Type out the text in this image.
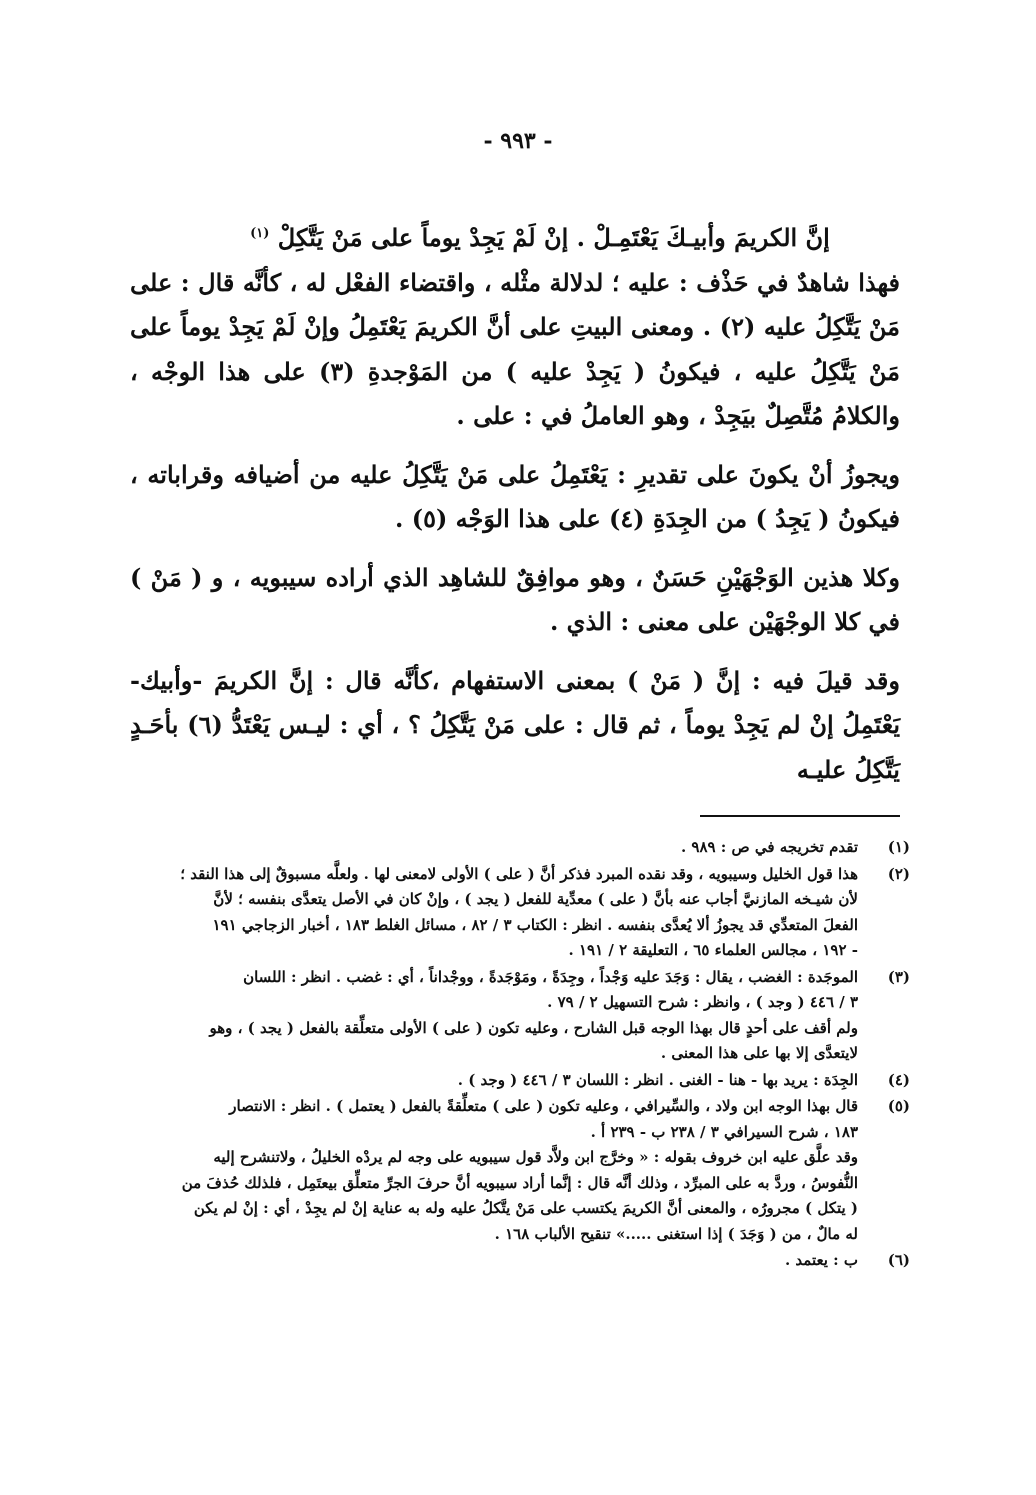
- ٩٩٣ -

إنَّ الكريمَ وأبيـكَ يَعْتَمِـلْ . إنْ لَمْ يَجِدْ يوماً على مَنْ يَتَّكِلْ $^{(١)}$

فهذا شاهدٌ في حَذْف : عليه ؛ لدلالة مثْله ، واقتضاء الفعْل له ، كأنَّه قال : على مَنْ يَتَّكِلُ عليه (٢) . ومعنى البيتِ على أنَّ الكريمَ يَعْتَمِلُ وإنْ لَمْ يَجِدْ يوماً على مَنْ يَتَّكِلُ عليه ، فيكونُ ( يَجِدْ عليه ) من المَوْجدةِ (٣) على هذا الوجْه ، والكلامُ مُتَّصِلٌ بيَجِدْ ، وهو العاملُ في : على .

ويجوزُ أنْ يكونَ على تقديرِ : يَعْتَمِلُ على مَنْ يَتَّكِلُ عليه من أضيافه وقراباته ، فيكونُ ( يَجِدُ ) من الجِدَةِ (٤) على هذا الوَجْه (٥) .

وكلا هذين الوَجْهَيْنِ حَسَنٌ ، وهو موافِقٌ للشاهِد الذي أراده سيبويه ، و ( مَنْ ) في كلا الوجْهَيْن على معنى : الذي .

وقد قيلَ فيه : إنَّ ( مَنْ ) بمعنى الاستفهام ،كأنَّه قال : إنَّ الكريمَ -وأبيك- يَعْتَمِلُ إنْ لم يَجِدْ يوماً ، ثم قال : على مَنْ يَتَّكِلُ ؟ ، أي : ليـس يَعْتَدُّ (٦) بأحَـدٍ يَتَّكِلُ عليـه

(١)

تقدم تخريجه في ص : ٩٨٩ .

(٢)

هذا قول الخليل وسيبويه ، وقد نقده المبرد فذكر أنَّ ( على ) الأولى لامعنى لها . ولعلَّه مسبوقٌ إلى هذا النقد ؛

لأن شيـخه المازنيَّ أجاب عنه بأنَّ ( على ) معدِّية للفعل ( يجد ) ، وإنْ كان في الأصل يتعدَّى بنفسه ؛ لأنَّ

الفعلَ المتعدِّي قد يجوزُ ألا يُعدَّى بنفسه . انظر : الكتاب ٣ / ٨٢ ، مسائل الغلط ١٨٣ ، أخبار الزجاجي ١٩١

- ١٩٢ ، مجالس العلماء ٦٥ ، التعليقة ٢ / ١٩١ .

(٣)

الموجَدة : الغضب ، يقال : وَجَدَ عليه وَجْداً ، وجِدَةً ، ومَوْجَدةً ، ووجْداناً ، أي : غضب . انظر : اللسان

٣ / ٤٤٦ ( وجد ) ، وانظر : شرح التسهيل ٢ / ٧٩ .

ولم أقف على أحدٍ قال بهذا الوجه قبل الشارح ، وعليه تكون ( على ) الأولى متعلِّقة بالفعل ( يجد ) ، وهو

لايتعدَّى إلا بها على هذا المعنى .

(٤)

الجِدَة : يريد بها - هنا - الغنى . انظر : اللسان ٣ / ٤٤٦ ( وجد ) .

(٥)

قال بهذا الوجه ابن ولاد ، والسِّيرافي ، وعليه تكون ( على ) متعلِّقةً بالفعل ( يعتمل ) . انظر : الانتصار

١٨٣ ، شرح السيرافي ٣ / ٢٣٨ ب - ٢٣٩ أ .

وقد علَّق عليه ابن خروف بقوله : « وخرَّج ابن ولاَّد قول سيبويه على وجه لم يردْه الخليلُ ، ولاتنشرح إليه

النُّفوسُ ، وردَّ به على المبرِّد ، وذلك أنَّه قال : إنَّما أراد سيبويه أنَّ حرفَ الجرِّ متعلِّق بيعتَمِل ، فلذلك حُذفَ من

( يتكل ) مجرورُه ، والمعنى أنَّ الكريمَ يكتسب على مَنْ يتَّكلُ عليه وله به عناية إنْ لم يجِدْ ، أي : إنْ لم يكن

له مالٌ ، من ( وَجَدَ ) إذا استغنى .....» تنقيح الألباب ١٦٨ .

(٦)

ب : يعتمد .
